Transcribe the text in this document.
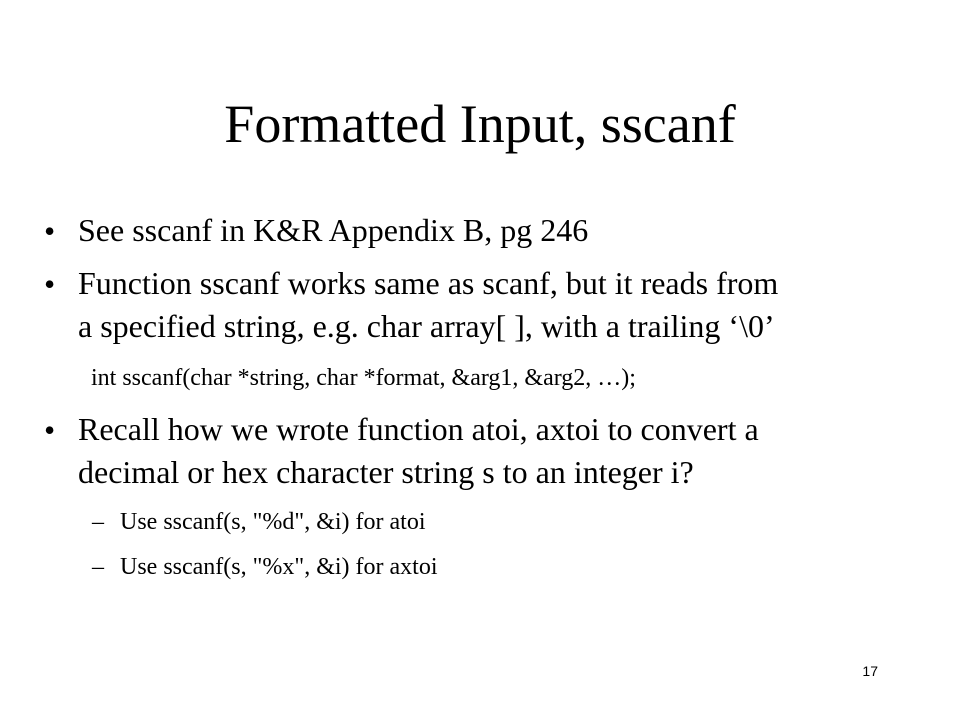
Formatted Input, sscanf
• See sscanf in K&R Appendix B, pg 246
• Function sscanf works same as scanf, but it reads from
a specified string, e.g. char array[ ], with a trailing ‘\0’
int sscanf(char *string, char *format, &arg1, &arg2, …);
• Recall how we wrote function atoi, axtoi to convert a
decimal or hex character string s to an integer i?
– Use sscanf(s, "%d", &i) for atoi
– Use sscanf(s, "%x", &i) for axtoi
17
